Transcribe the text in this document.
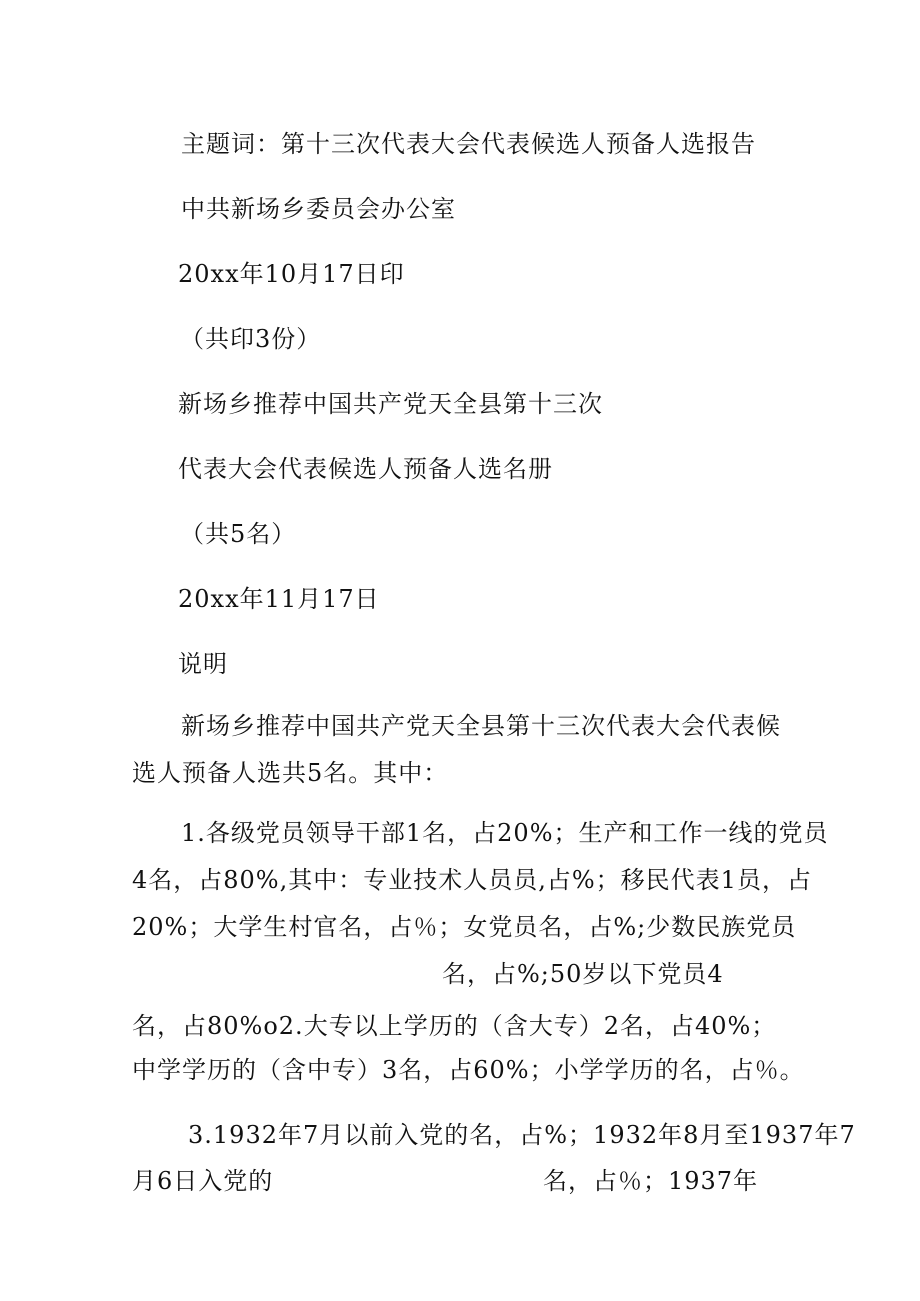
主题词：第十三次代表大会代表候选人预备人选报告
中共新场乡委员会办公室
20xx年10月17日印
（共印3份）
新场乡推荐中国共产党天全县第十三次
代表大会代表候选人预备人选名册
（共5名）
20xx年11月17日
说明
新场乡推荐中国共产党天全县第十三次代表大会代表候
选人预备人选共5名。其中：
1.各级党员领导干部1名，占20%；生产和工作一线的党员
4名，占80%,其中：专业技术人员员,占%；移民代表1员，占
20%；大学生村官名，占％；女党员名，占%;少数民族党员
名，占%;50岁以下党员4
名，占80%o2.大专以上学历的（含大专）2名，占40%；
中学学历的（含中专）3名，占60%；小学学历的名，占％。
3.1932年7月以前入党的名，占%；1932年8月至1937年7
月6日入党的	名，占％；1937年
